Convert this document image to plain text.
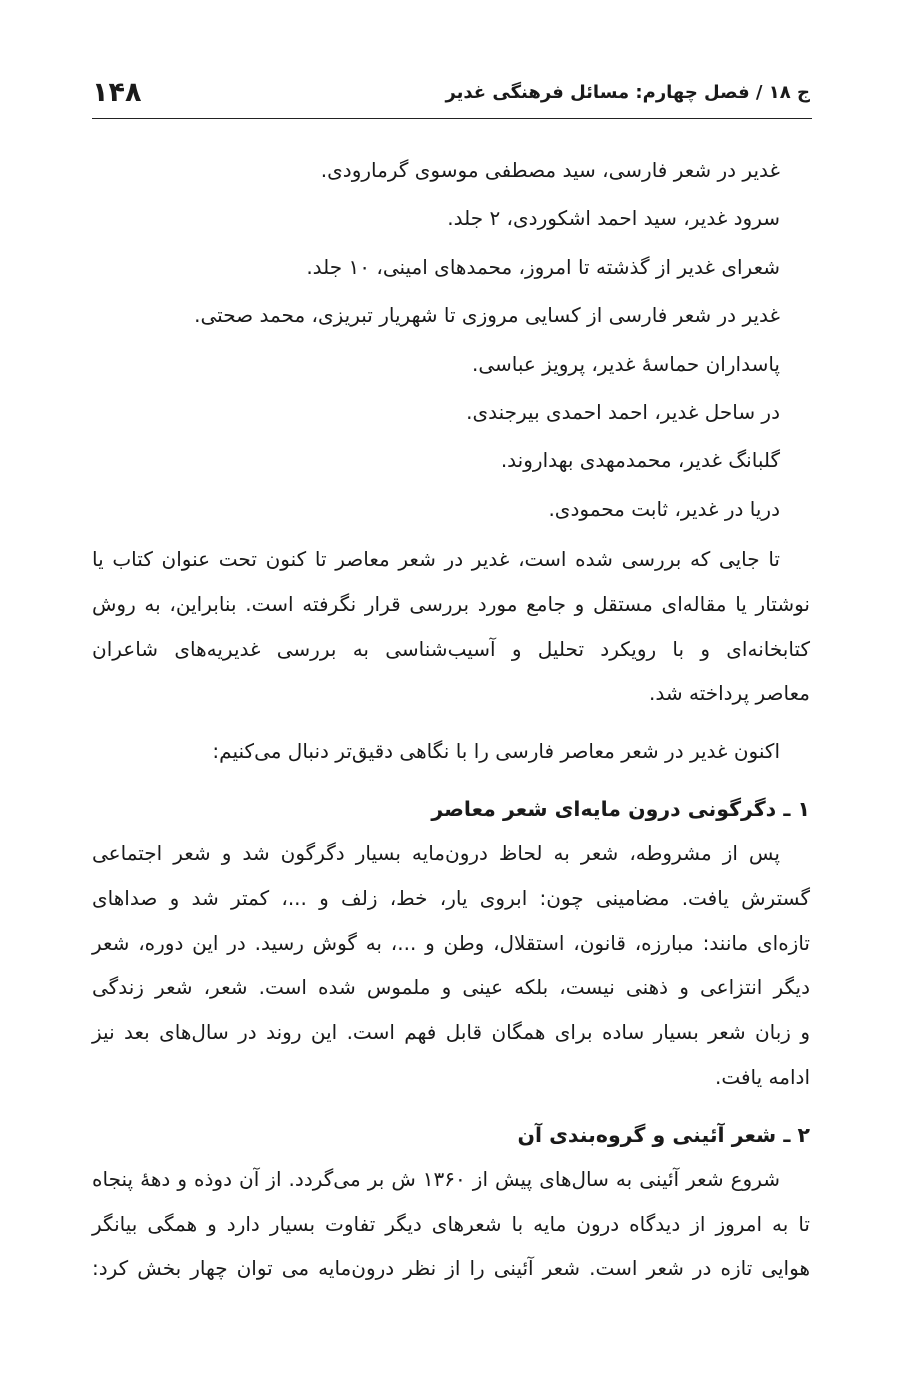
ج ۱۸ / فصل چهارم: مسائل فرهنگی غدیر
۱۴۸
غدیر در شعر فارسی، سید مصطفی موسوی گرمارودی.
سرود غدیر، سید احمد اشکوردی، ۲ جلد.
شعرای غدیر از گذشته تا امروز، محمدهای امینی، ۱۰ جلد.
غدیر در شعر فارسی از کسایی مروزی تا شهریار تبریزی، محمد صحتی.
پاسداران حماسهٔ غدیر، پرویز عباسی.
در ساحل غدیر، احمد احمدی بیرجندی.
گلبانگ غدیر، محمدمهدی بهداروند.
دریا در غدیر، ثابت محمودی.
تا جایی که بررسی شده است، غدیر در شعر معاصر تا کنون تحت عنوان کتاب یا
نوشتار یا مقاله‌ای مستقل و جامع مورد بررسی قرار نگرفته است. بنابراین، به روش
کتابخانه‌ای و با رویکرد تحلیل و آسیب‌شناسی به بررسی غدیریه‌های شاعران
معاصر پرداخته شد.
اکنون غدیر در شعر معاصر فارسی را با نگاهی دقیق‌تر دنبال می‌کنیم:
۱ ـ دگرگونی درون مایه‌ای شعر معاصر
پس از مشروطه، شعر به لحاظ درون‌مایه بسیار دگرگون شد و شعر اجتماعی
گسترش یافت. مضامینی چون: ابروی یار، خط، زلف و ...، کمتر شد و صداهای
تازه‌ای مانند: مبارزه، قانون، استقلال، وطن و ...، به گوش رسید. در این دوره، شعر
دیگر انتزاعی و ذهنی نیست، بلکه عینی و ملموس شده است. شعر، شعر زندگی
و زبان شعر بسیار ساده برای همگان قابل فهم است. این روند در سال‌های بعد نیز
ادامه یافت.
۲ ـ شعر آئینی و گروه‌بندی آن
شروع شعر آئینی به سال‌های پیش از ۱۳۶۰ ش بر می‌گردد. از آن دوذه و دههٔ پنجاه
تا به امروز از دیدگاه درون مایه با شعرهای دیگر تفاوت بسیار دارد و همگی بیانگر
هوایی تازه در شعر است. شعر آئینی را از نظر درون‌مایه می توان چهار بخش کرد:
